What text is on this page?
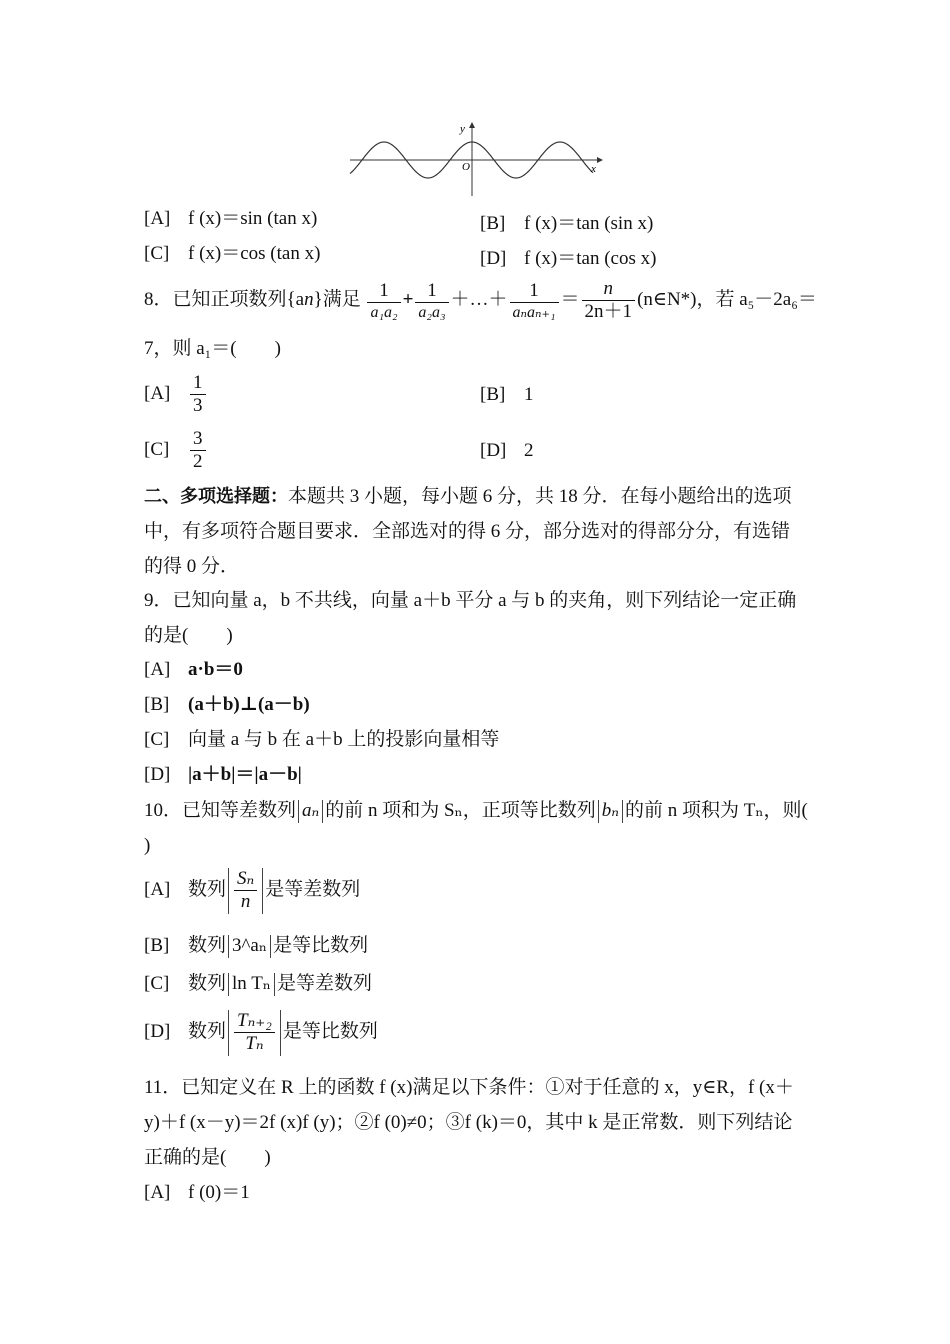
y
x
O
[A] f (x)＝sin (tan x)	[B] f (x)＝tan (sin x)
[C] f (x)＝cos (tan x)	[D] f (x)＝tan (cos x)
8．已知正项数列{an}满足 $\frac{1}{\text{a₁a₂}} + \frac{1}{\text{a₂a₃}}$ ＋…＋ $\frac{1}{\text{aₙaₙ₊₁}} = \frac{n}{2n+1}$ (n∈N*)，若 a₅－2a₆＝
7，则 a₁＝(　　)
$[A] \frac{1}{3}$	[B] 1
$[C] \frac{3}{2}$	[D] 2
二、多项选择题：本题共 3 小题，每小题 6 分，共 18 分．在每小题给出的选项
中，有多项符合题目要求．全部选对的得 6 分，部分选对的得部分分，有选错
的得 0 分．
9．已知向量 a，b 不共线，向量 a＋b 平分 a 与 b 的夹角，则下列结论一定正确
的是(　　)
[A] a·b＝0
[B] (a＋b)⊥(a－b)
[C] 向量 a 与 b 在 a＋b 上的投影向量相等
[D] |a＋b|＝|a－b|
10．已知等差数列 aₙ 的前 n 项和为 Sₙ，正项等比数列 bₙ 的前 n 项积为 Tₙ，则(
)
[A] 数列 $\frac{\text{Sₙ}}{n}$ 是等差数列
[B] 数列 3^aₙ 是等比数列
[C] 数列 ln Tₙ 是等差数列
[D] 数列 $\frac{\text{Tₙ₊₂}}{\text{Tₙ}}$ 是等比数列
11．已知定义在 R 上的函数 f (x)满足以下条件：①对于任意的 x，y∈R，f (x＋
y)＋f (x－y)＝2f (x)f (y)；②f (0)≠0；③f (k)＝0，其中 k 是正常数．则下列结论
正确的是(　　)
[A] f (0)＝1
